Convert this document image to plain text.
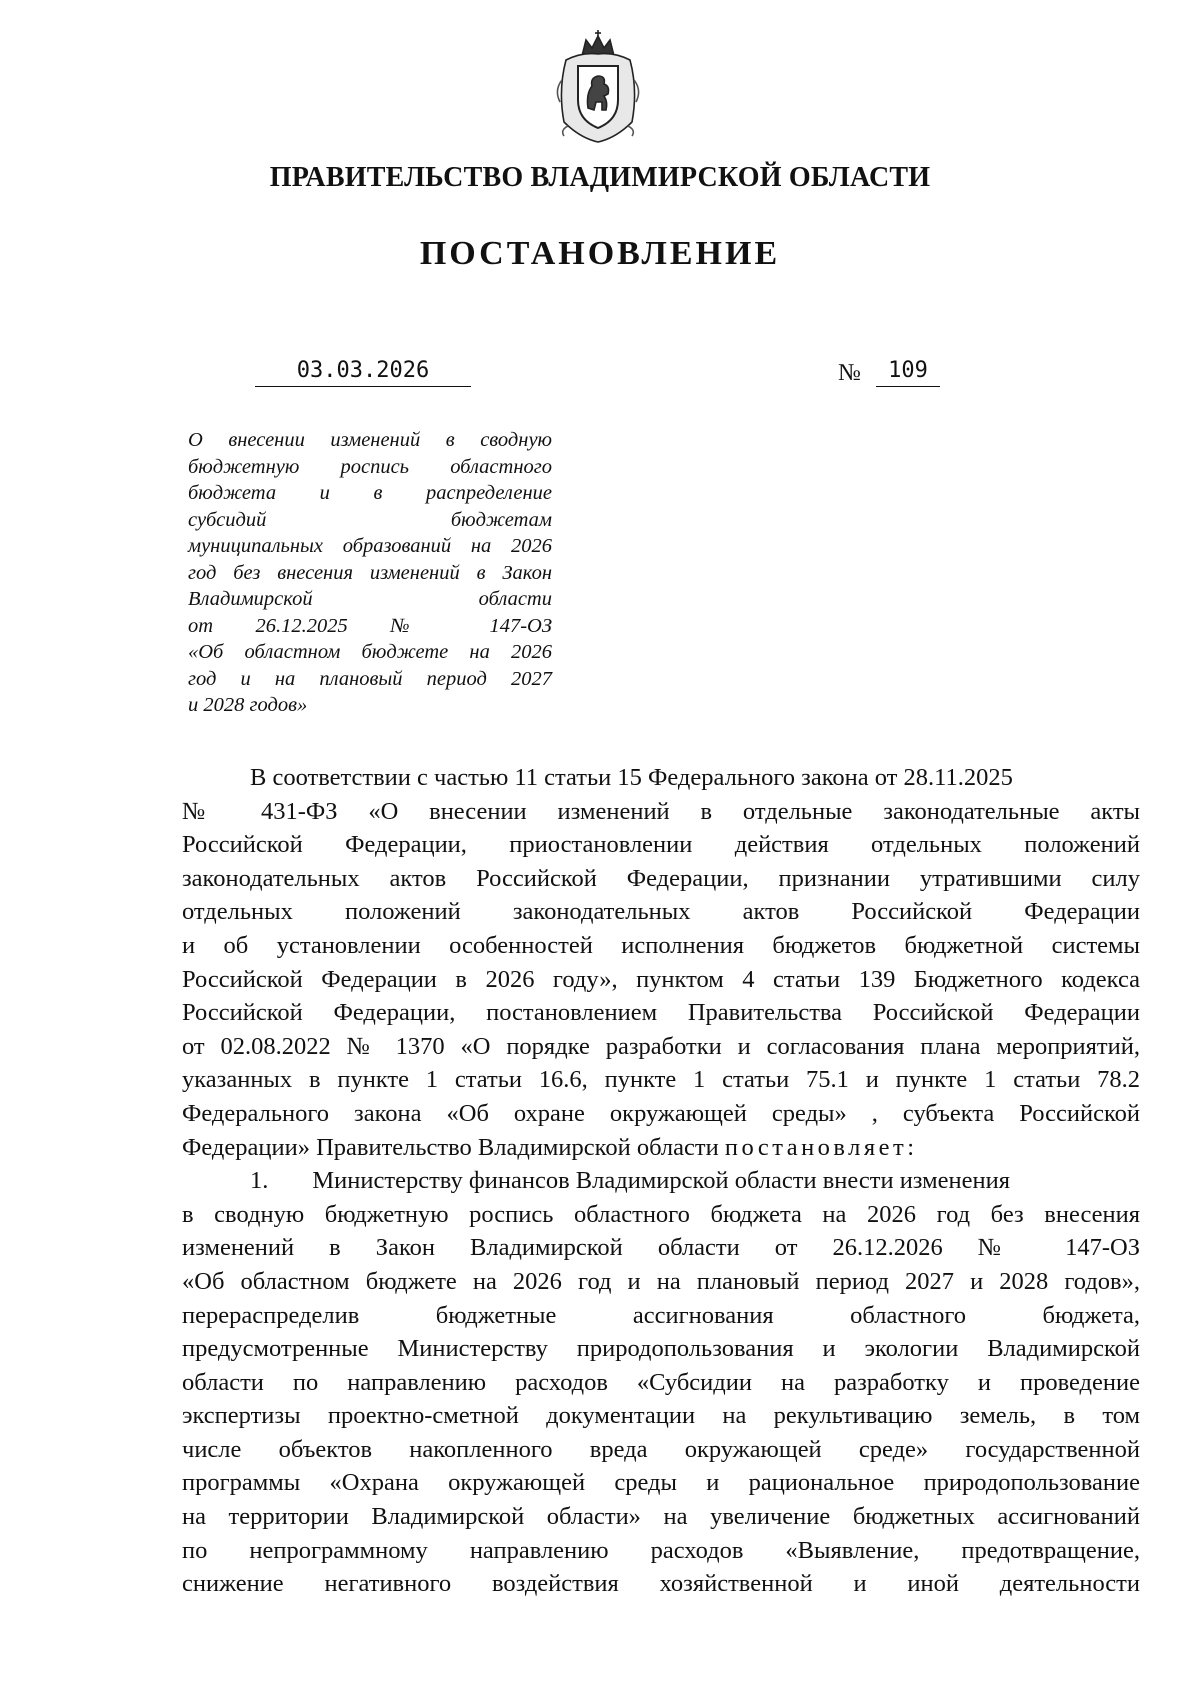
ПРАВИТЕЛЬСТВО ВЛАДИМИРСКОЙ ОБЛАСТИ
ПОСТАНОВЛЕНИЕ
03.03.2026	№	109
О внесении изменений в сводную
бюджетную роспись областного
бюджета и в распределение
субсидий бюджетам
муниципальных образований на 2026
год без внесения изменений в Закон
Владимирской области
от 26.12.2025 № 147-ОЗ
«Об областном бюджете на 2026
год и на плановый период 2027
и 2028 годов»
В соответствии с частью 11 статьи 15 Федерального закона от 28.11.2025
№ 431-ФЗ «О внесении изменений в отдельные законодательные акты
Российской Федерации, приостановлении действия отдельных положений
законодательных актов Российской Федерации, признании утратившими силу
отдельных положений законодательных актов Российской Федерации
и об установлении особенностей исполнения бюджетов бюджетной системы
Российской Федерации в 2026 году», пунктом 4 статьи 139 Бюджетного кодекса
Российской Федерации, постановлением Правительства Российской Федерации
от 02.08.2022 № 1370 «О порядке разработки и согласования плана мероприятий,
указанных в пункте 1 статьи 16.6, пункте 1 статьи 75.1 и пункте 1 статьи 78.2
Федерального закона «Об охране окружающей среды» , субъекта Российской
Федерации» Правительство Владимирской области постановляет:
1. Министерству финансов Владимирской области внести изменения
в сводную бюджетную роспись областного бюджета на 2026 год без внесения
изменений в Закон Владимирской области от 26.12.2026 № 147-ОЗ
«Об областном бюджете на 2026 год и на плановый период 2027 и 2028 годов»,
перераспределив бюджетные ассигнования областного бюджета,
предусмотренные Министерству природопользования и экологии Владимирской
области по направлению расходов «Субсидии на разработку и проведение
экспертизы проектно-сметной документации на рекультивацию земель, в том
числе объектов накопленного вреда окружающей среде» государственной
программы «Охрана окружающей среды и рациональное природопользование
на территории Владимирской области» на увеличение бюджетных ассигнований
по непрограммному направлению расходов «Выявление, предотвращение,
снижение негативного воздействия хозяйственной и иной деятельности
